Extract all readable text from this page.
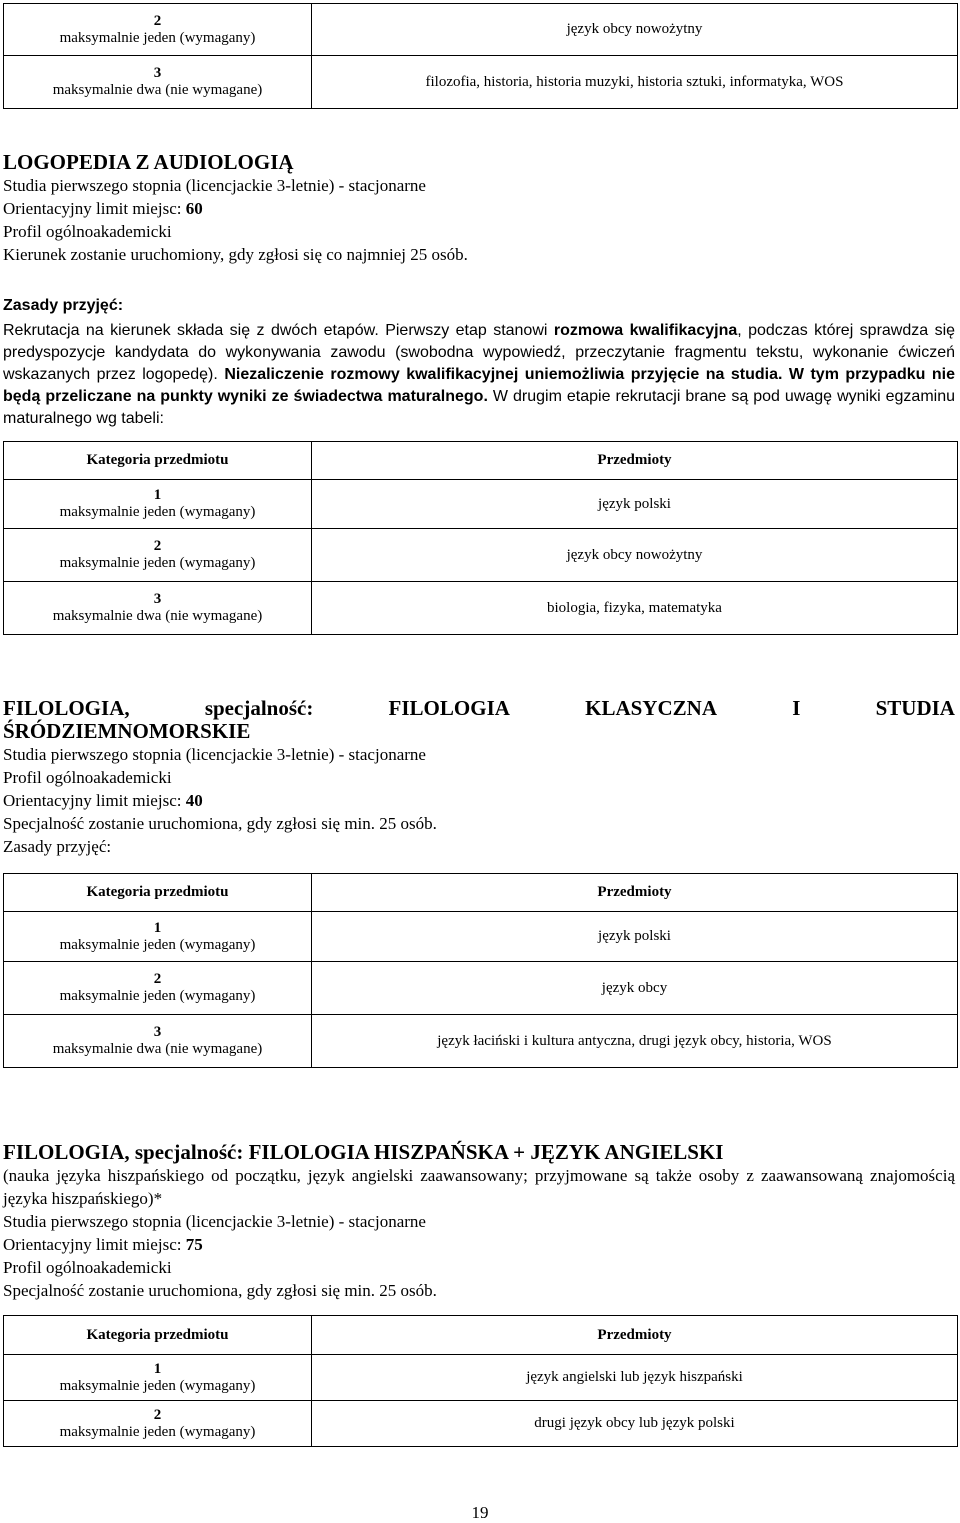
2
maksymalnie jeden (wymagany)	język obcy nowożytny

3
maksymalnie dwa (nie wymagane)	filozofia, historia, historia muzyki, historia sztuki, informatyka, WOS
LOGOPEDIA Z AUDIOLOGIĄ
Studia pierwszego stopnia (licencjackie 3-letnie) - stacjonarne
Orientacyjny limit miejsc: 60
Profil ogólnoakademicki
Kierunek zostanie uruchomiony, gdy zgłosi się co najmniej 25 osób.
Zasady przyjęć:
Rekrutacja na kierunek składa się z dwóch etapów. Pierwszy etap stanowi rozmowa kwalifikacyjna, podczas której sprawdza się predyspozycje kandydata do wykonywania zawodu (swobodna wypowiedź, przeczytanie fragmentu tekstu, wykonanie ćwiczeń wskazanych przez logopedę). Niezaliczenie rozmowy kwalifikacyjnej uniemożliwia przyjęcie na studia. W tym przypadku nie będą przeliczane na punkty wyniki ze świadectwa maturalnego. W drugim etapie rekrutacji brane są pod uwagę wyniki egzaminu maturalnego wg tabeli:
Kategoria przedmiotu	Przedmioty

1
maksymalnie jeden (wymagany)	język polski

2
maksymalnie jeden (wymagany)	język obcy nowożytny

3
maksymalnie dwa (nie wymagane)	biologia, fizyka, matematyka
FILOLOGIA,	specjalność:	FILOLOGIA	KLASYCZNA	I	STUDIA
ŚRÓDZIEMNOMORSKIE
Studia pierwszego stopnia (licencjackie 3-letnie) - stacjonarne
Profil ogólnoakademicki
Orientacyjny limit miejsc: 40
Specjalność zostanie uruchomiona, gdy zgłosi się min. 25 osób.
Zasady przyjęć:
Kategoria przedmiotu	Przedmioty

1
maksymalnie jeden (wymagany)	język polski

2
maksymalnie jeden (wymagany)	język obcy

3
maksymalnie dwa (nie wymagane)	język łaciński i kultura antyczna, drugi język obcy, historia, WOS
FILOLOGIA, specjalność: FILOLOGIA HISZPAŃSKA + JĘZYK ANGIELSKI
(nauka języka hiszpańskiego od początku, język angielski zaawansowany; przyjmowane są także osoby z zaawansowaną znajomością języka hiszpańskiego)*
Studia pierwszego stopnia (licencjackie 3-letnie) - stacjonarne
Orientacyjny limit miejsc: 75
Profil ogólnoakademicki
Specjalność zostanie uruchomiona, gdy zgłosi się min. 25 osób.
Kategoria przedmiotu	Przedmioty

1
maksymalnie jeden (wymagany)	język angielski lub język hiszpański

2
maksymalnie jeden (wymagany)	drugi język obcy lub język polski
19
